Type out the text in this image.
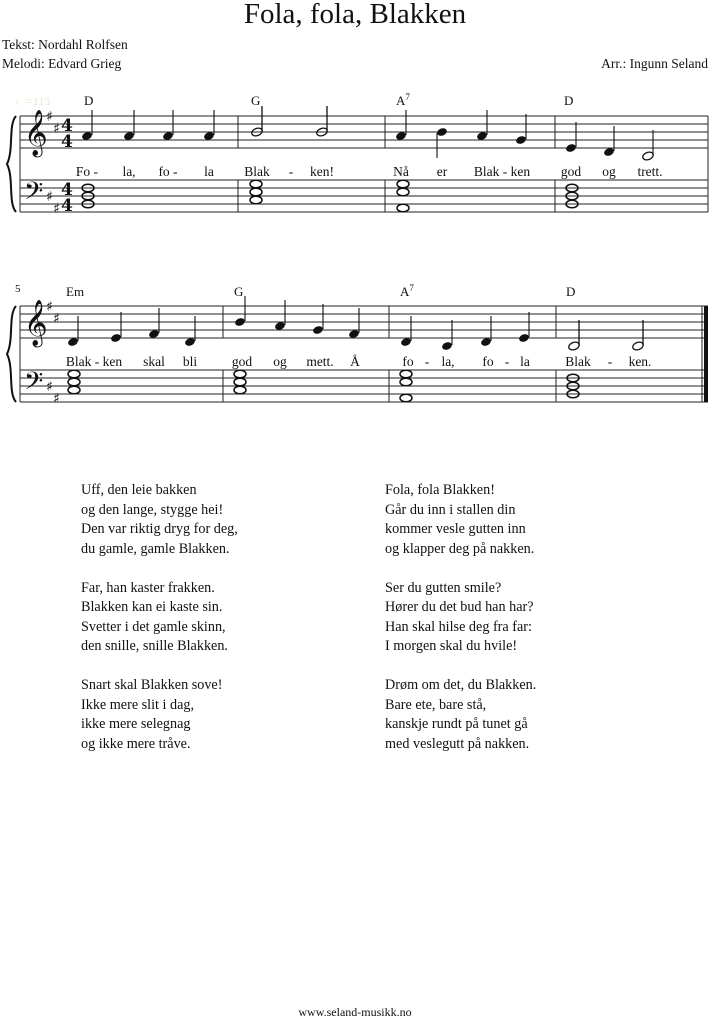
Fola, fola, Blakken
Tekst: Nordahl Rolfsen
Melodi: Edvard Grieg	Arr.: Ingunn Seland
♩=115	D	G	$A^7$	D
5	Em	G	$A^7$	D
𝄞
𝄢
𝄞
𝄢
♯
♯
♯
♯
♯
♯
♯
♯
4
4
4
4
Fo -	la,	fo -	la	Blak	-	ken!	Nå	er	Blak - ken	god	og	trett.
Blak - ken	skal	bli	god	og	mett.	Å	fo - la,	fo - la	Blak	-	ken.
Uff, den leie bakken
og den lange, stygge hei!
Den var riktig dryg for deg,
du gamle, gamle Blakken.
Far, han kaster frakken.
Blakken kan ei kaste sin.
Svetter i det gamle skinn,
den snille, snille Blakken.
Snart skal Blakken sove!
Ikke mere slit i dag,
ikke mere selegnag
og ikke mere tråve.
Fola, fola Blakken!
Går du inn i stallen din
kommer vesle gutten inn
og klapper deg på nakken.
Ser du gutten smile?
Hører du det bud han har?
Han skal hilse deg fra far:
I morgen skal du hvile!
Drøm om det, du Blakken.
Bare ete, bare stå,
kanskje rundt på tunet gå
med veslegutt på nakken.
www.seland-musikk.no
